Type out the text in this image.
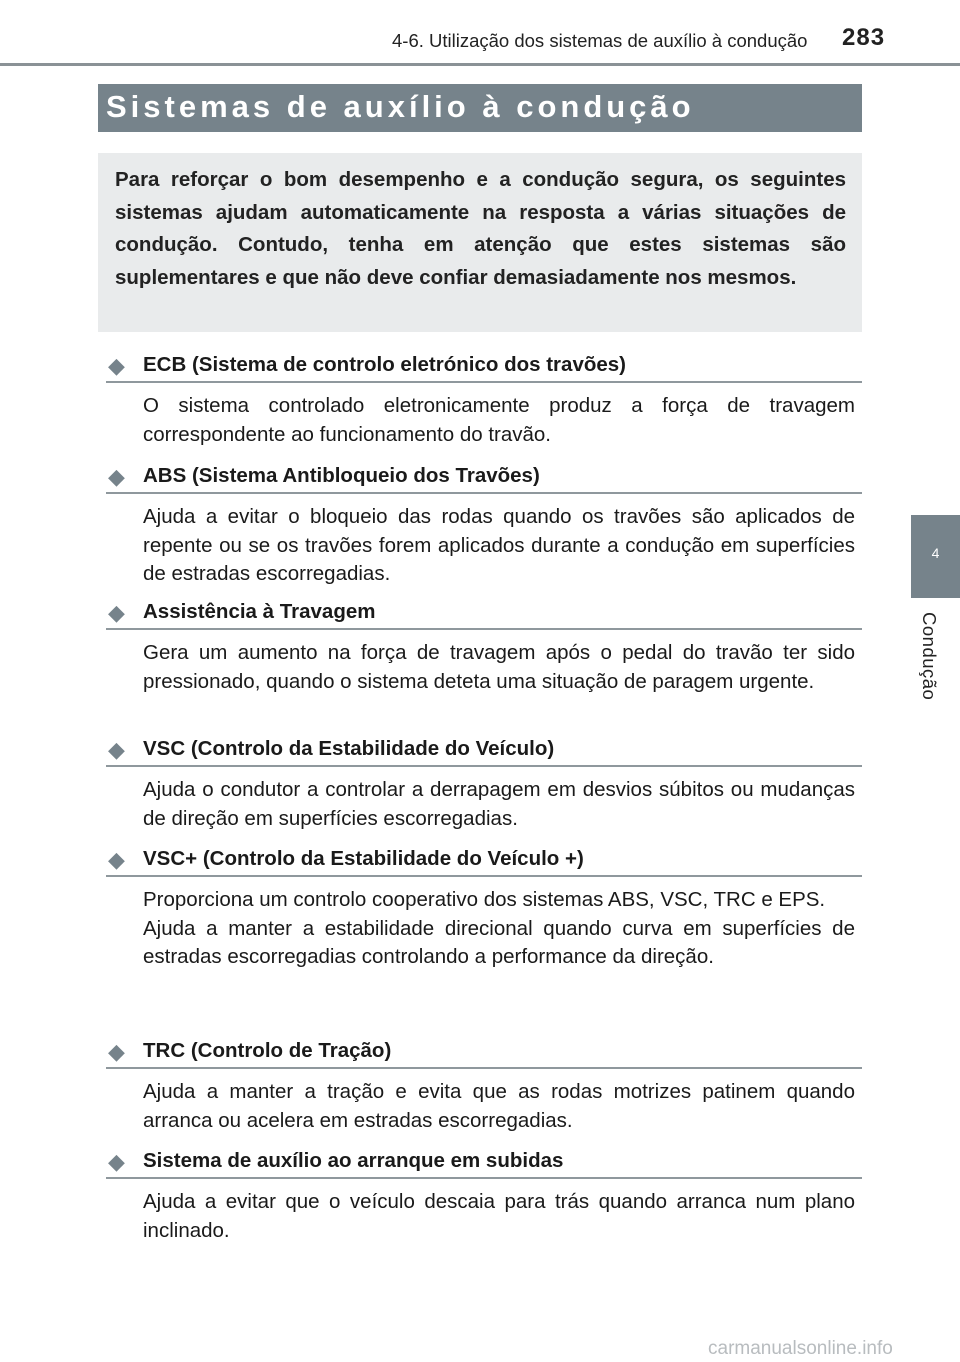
4-6. Utilização dos sistemas de auxílio à condução 283
Sistemas de auxílio à condução

Para reforçar o bom desempenho e a condução segura, os seguintes sistemas ajudam automaticamente na resposta a várias situações de condução. Contudo, tenha em atenção que estes sistemas são suplementares e que não deve confiar demasiadamente nos mesmos.

4
Condução
◆ ECB (Sistema de controlo eletrónico dos travões)

O sistema controlado eletronicamente produz a força de travagem correspondente ao funcionamento do travão.

◆ ABS (Sistema Antibloqueio dos Travões)

Ajuda a evitar o bloqueio das rodas quando os travões são aplicados de repente ou se os travões forem aplicados durante a condução em superfícies de estradas escorregadias.

◆ Assistência à Travagem

Gera um aumento na força de travagem após o pedal do travão ter sido pressionado, quando o sistema deteta uma situação de paragem urgente.

◆ VSC (Controlo da Estabilidade do Veículo)

Ajuda o condutor a controlar a derrapagem em desvios súbitos ou mudanças de direção em superfícies escorregadias.

◆ VSC+ (Controlo da Estabilidade do Veículo +)

Proporciona um controlo cooperativo dos sistemas ABS, VSC, TRC e EPS.

Ajuda a manter a estabilidade direcional quando curva em superfícies de estradas escorregadias controlando a performance da direção.

◆ TRC (Controlo de Tração)

Ajuda a manter a tração e evita que as rodas motrizes patinem quando arranca ou acelera em estradas escorregadias.

◆ Sistema de auxílio ao arranque em subidas

Ajuda a evitar que o veículo descaia para trás quando arranca num plano inclinado.

carmanualsonline.info
